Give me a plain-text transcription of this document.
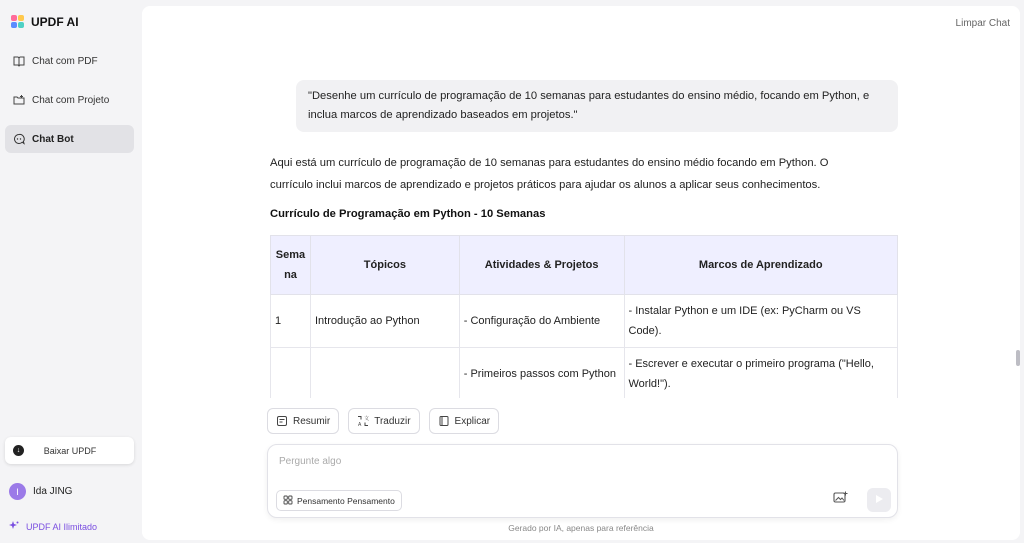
UPDF AI
Chat com PDF
Chat com Projeto
Chat Bot
↓	Baixar UPDF
I	Ida JING
UPDF AI Ilimitado
Limpar Chat
"Desenhe um currículo de programação de 10 semanas para estudantes do ensino médio, focando em Python, e inclua marcos de aprendizado baseados em projetos."
Aqui está um currículo de programação de 10 semanas para estudantes do ensino médio focando em Python. O currículo inclui marcos de aprendizado e projetos práticos para ajudar os alunos a aplicar seus conhecimentos.
Currículo de Programação em Python - 10 Semanas
Sema na	Tópicos	Atividades & Projetos	Marcos de Aprendizado
1	Introdução ao Python	- Configuração do Ambiente	- Instalar Python e um IDE (ex: PyCharm ou VS Code).
		- Primeiros passos com Python	- Escrever e executar o primeiro programa ("Hello, World!").
Resumir	A
文 Traduzir	Explicar
Pergunte algo
Pensamento Pensamento
Gerado por IA, apenas para referência
